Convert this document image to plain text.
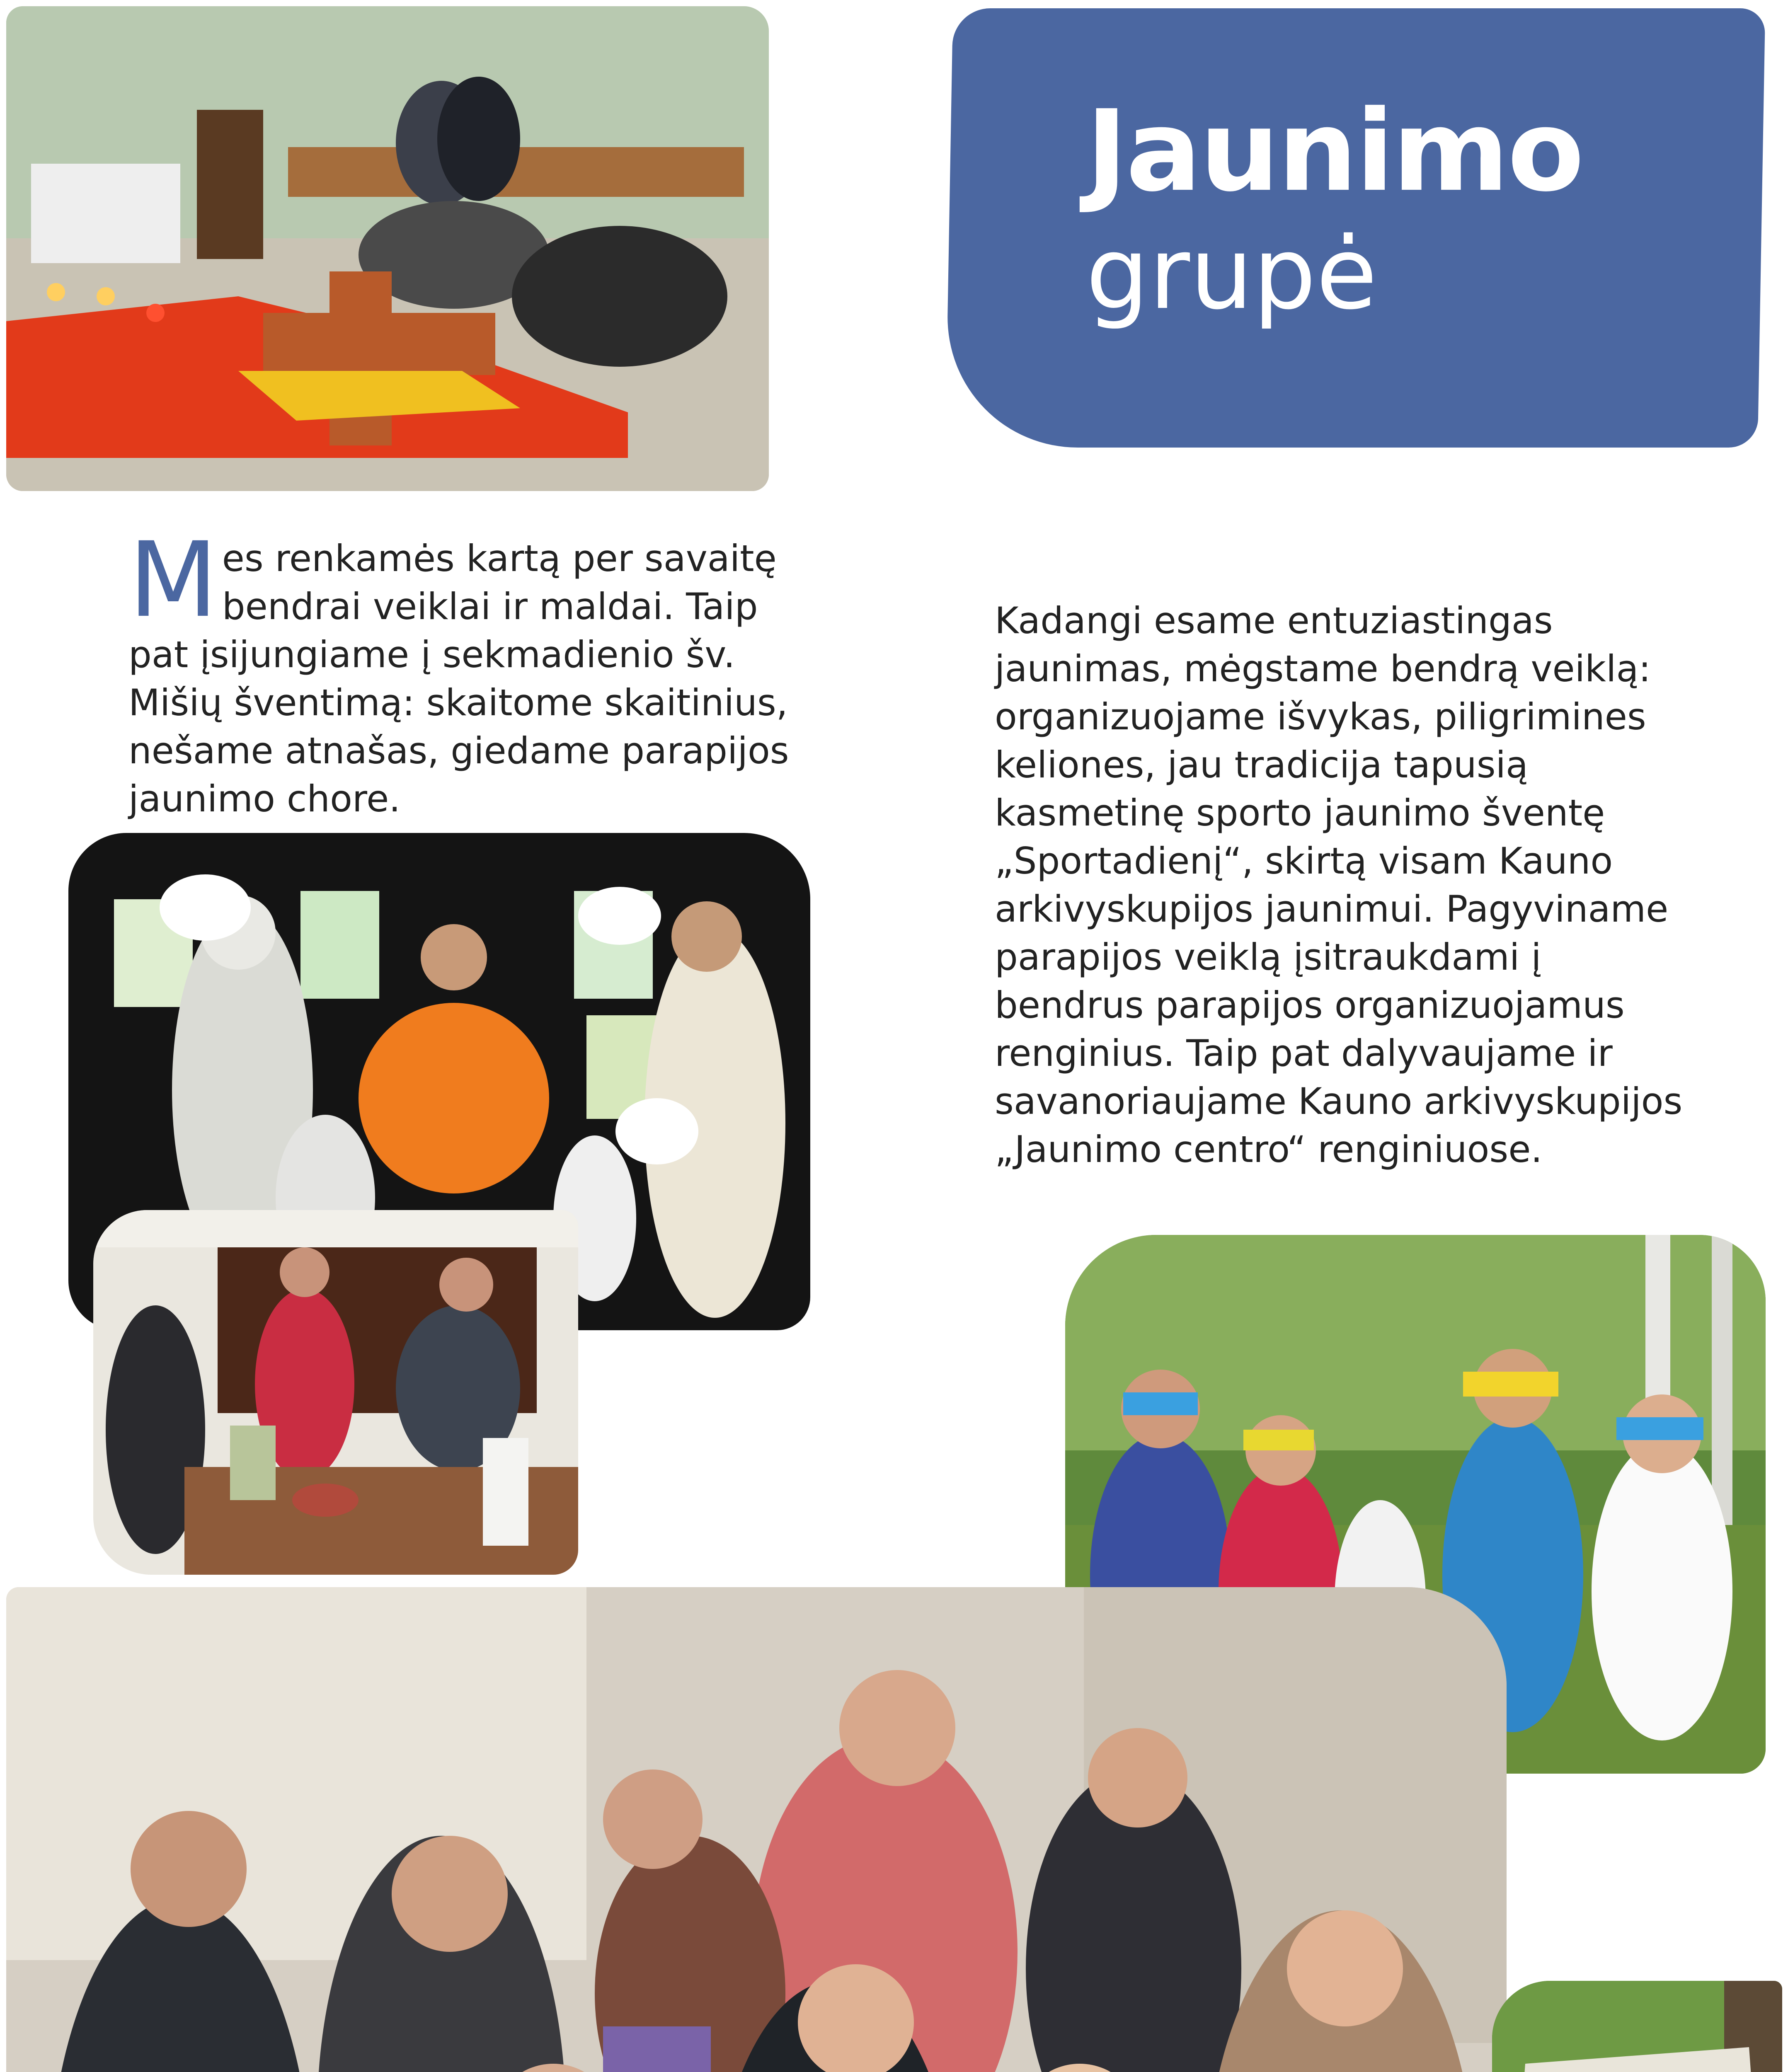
Jaunimo
grupė
Mes renkamės kartą per savaitę bendrai veiklai ir maldai. Taip pat įsijungiame į sekmadienio šv. Mišių šventimą: skaitome skaitinius, nešame atnašas, giedame parapijos jaunimo chore.
Kadangi esame entuziastingas jaunimas, mėgstame bendrą veiklą: organizuojame išvykas, piligrimines keliones, jau tradicija tapusią kasmetinę sporto jaunimo šventę „Sportadienį“, skirtą visam Kauno arkivyskupijos jaunimui. Pagyviname parapijos veiklą įsitraukdami į bendrus parapijos organizuojamus renginius. Taip pat dalyvaujame ir savanoriaujame Kauno arkivyskupijos „Jaunimo centro“ renginiuose.
